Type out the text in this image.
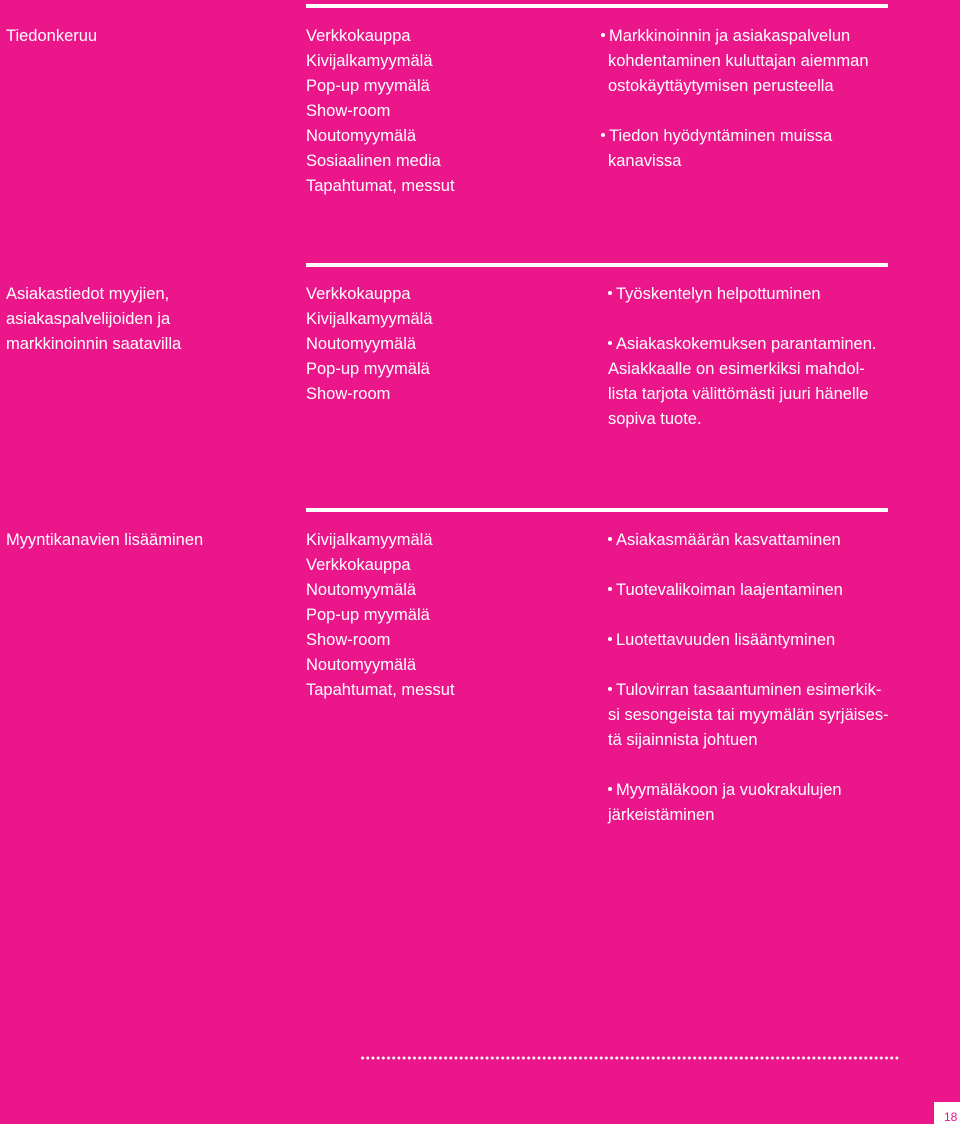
Tiedonkeruu	Verkkokauppa
Kivijalkamyymälä
Pop-up myymälä
Show-room
Noutomyymälä
Sosiaalinen media
Tapahtumat, messut
Markkinoinnin ja asiakaspalvelun
kohdentaminen kuluttajan aiemman
ostokäyttäytymisen perusteella
Tiedon hyödyntäminen muissa
kanavissa
Asiakastiedot myyjien,
asiakaspalvelijoiden ja
markkinoinnin saatavilla
Verkkokauppa
Kivijalkamyymälä
Noutomyymälä
Pop-up myymälä
Show-room
Työskentelyn helpottuminen
Asiakaskokemuksen parantaminen.
Asiakkaalle on esimerkiksi mahdol-
lista tarjota välittömästi juuri hänelle
sopiva tuote.
Myyntikanavien lisääminen	Kivijalkamyymälä
Verkkokauppa
Noutomyymälä
Pop-up myymälä
Show-room
Noutomyymälä
Tapahtumat, messut
Asiakasmäärän kasvattaminen
Tuotevalikoiman laajentaminen
Luotettavuuden lisääntyminen
Tulovirran tasaantuminen esimerkik-
si sesongeista tai myymälän syrjäises-
tä sijainnista johtuen
Myymäläkoon ja vuokrakulujen
järkeistäminen
18
